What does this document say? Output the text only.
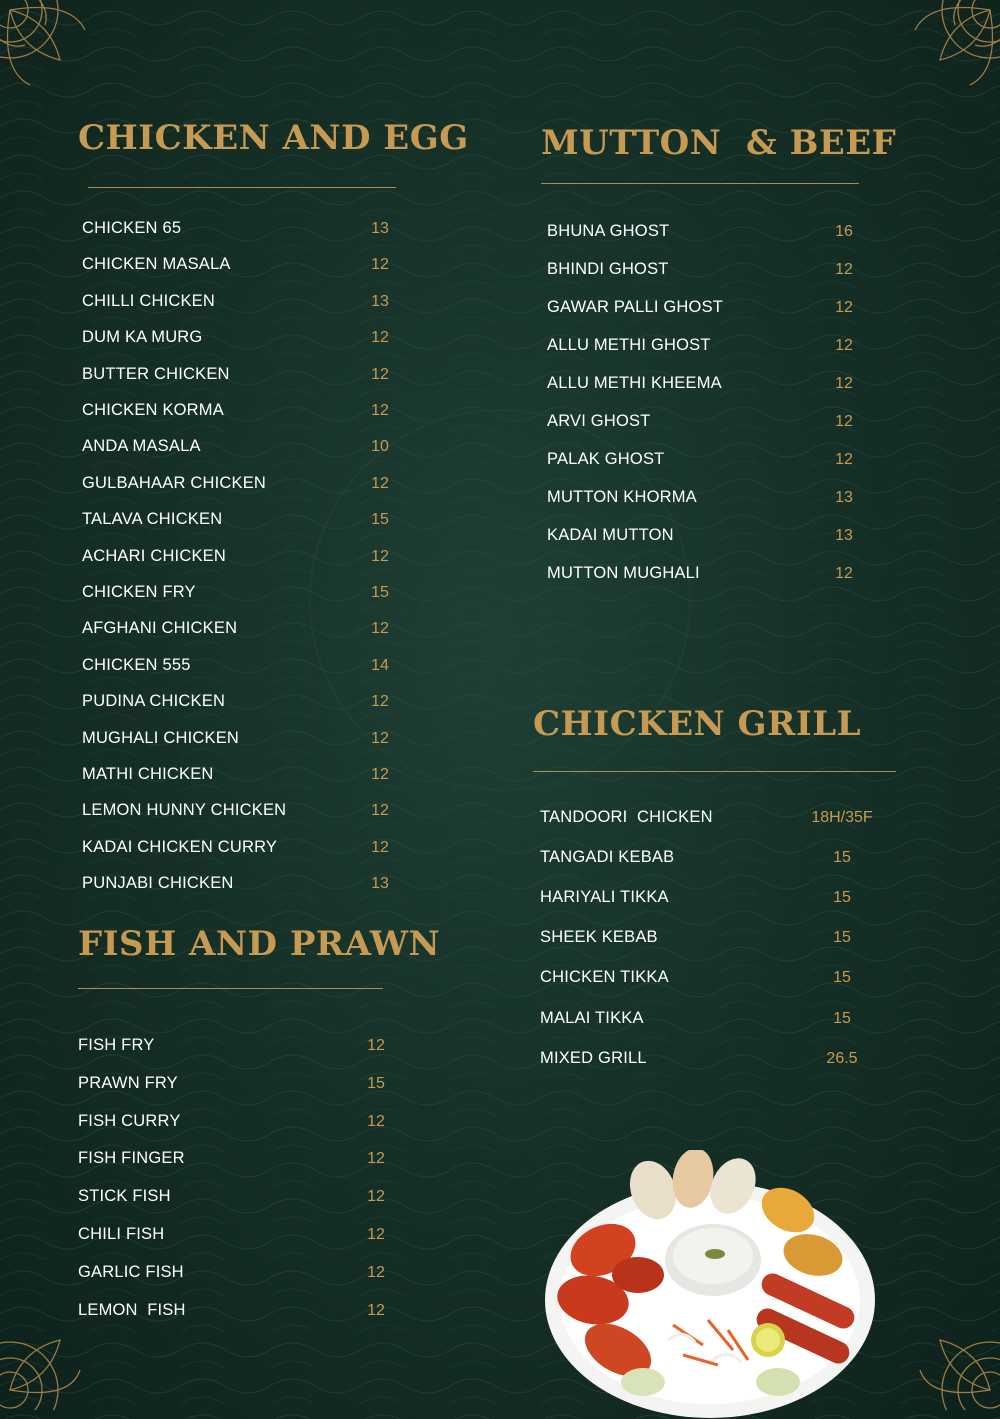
CHICKEN AND EGG MUTTON  & BEEF
FISH AND PRAWN
CHICKEN GRILL
CHICKEN 65	13
CHICKEN MASALA	12
CHILLI CHICKEN	13
DUM KA MURG	12
BUTTER CHICKEN	12
CHICKEN KORMA	12
ANDA MASALA	10
GULBAHAAR CHICKEN	12
TALAVA CHICKEN	15
ACHARI CHICKEN	12
CHICKEN FRY	15
AFGHANI CHICKEN	12
CHICKEN 555	14
PUDINA CHICKEN	12
MUGHALI CHICKEN	12
MATHI CHICKEN	12
LEMON HUNNY CHICKEN	12
KADAI CHICKEN CURRY	12
PUNJABI CHICKEN	13
BHUNA GHOST	16
BHINDI GHOST	12
GAWAR PALLI GHOST	12
ALLU METHI GHOST	12
ALLU METHI KHEEMA	12
ARVI GHOST	12
PALAK GHOST	12
MUTTON KHORMA	13
KADAI MUTTON	13
MUTTON MUGHALI	12
FISH FRY	12
PRAWN FRY	15
FISH CURRY	12
FISH FINGER	12
STICK FISH	12
CHILI FISH	12
GARLIC FISH	12
LEMON  FISH	12
TANDOORI  CHICKEN	18H/35F
TANGADI KEBAB	15
HARIYALI TIKKA	15
SHEEK KEBAB	15
CHICKEN TIKKA	15
MALAI TIKKA	15
MIXED GRILL	26.5
